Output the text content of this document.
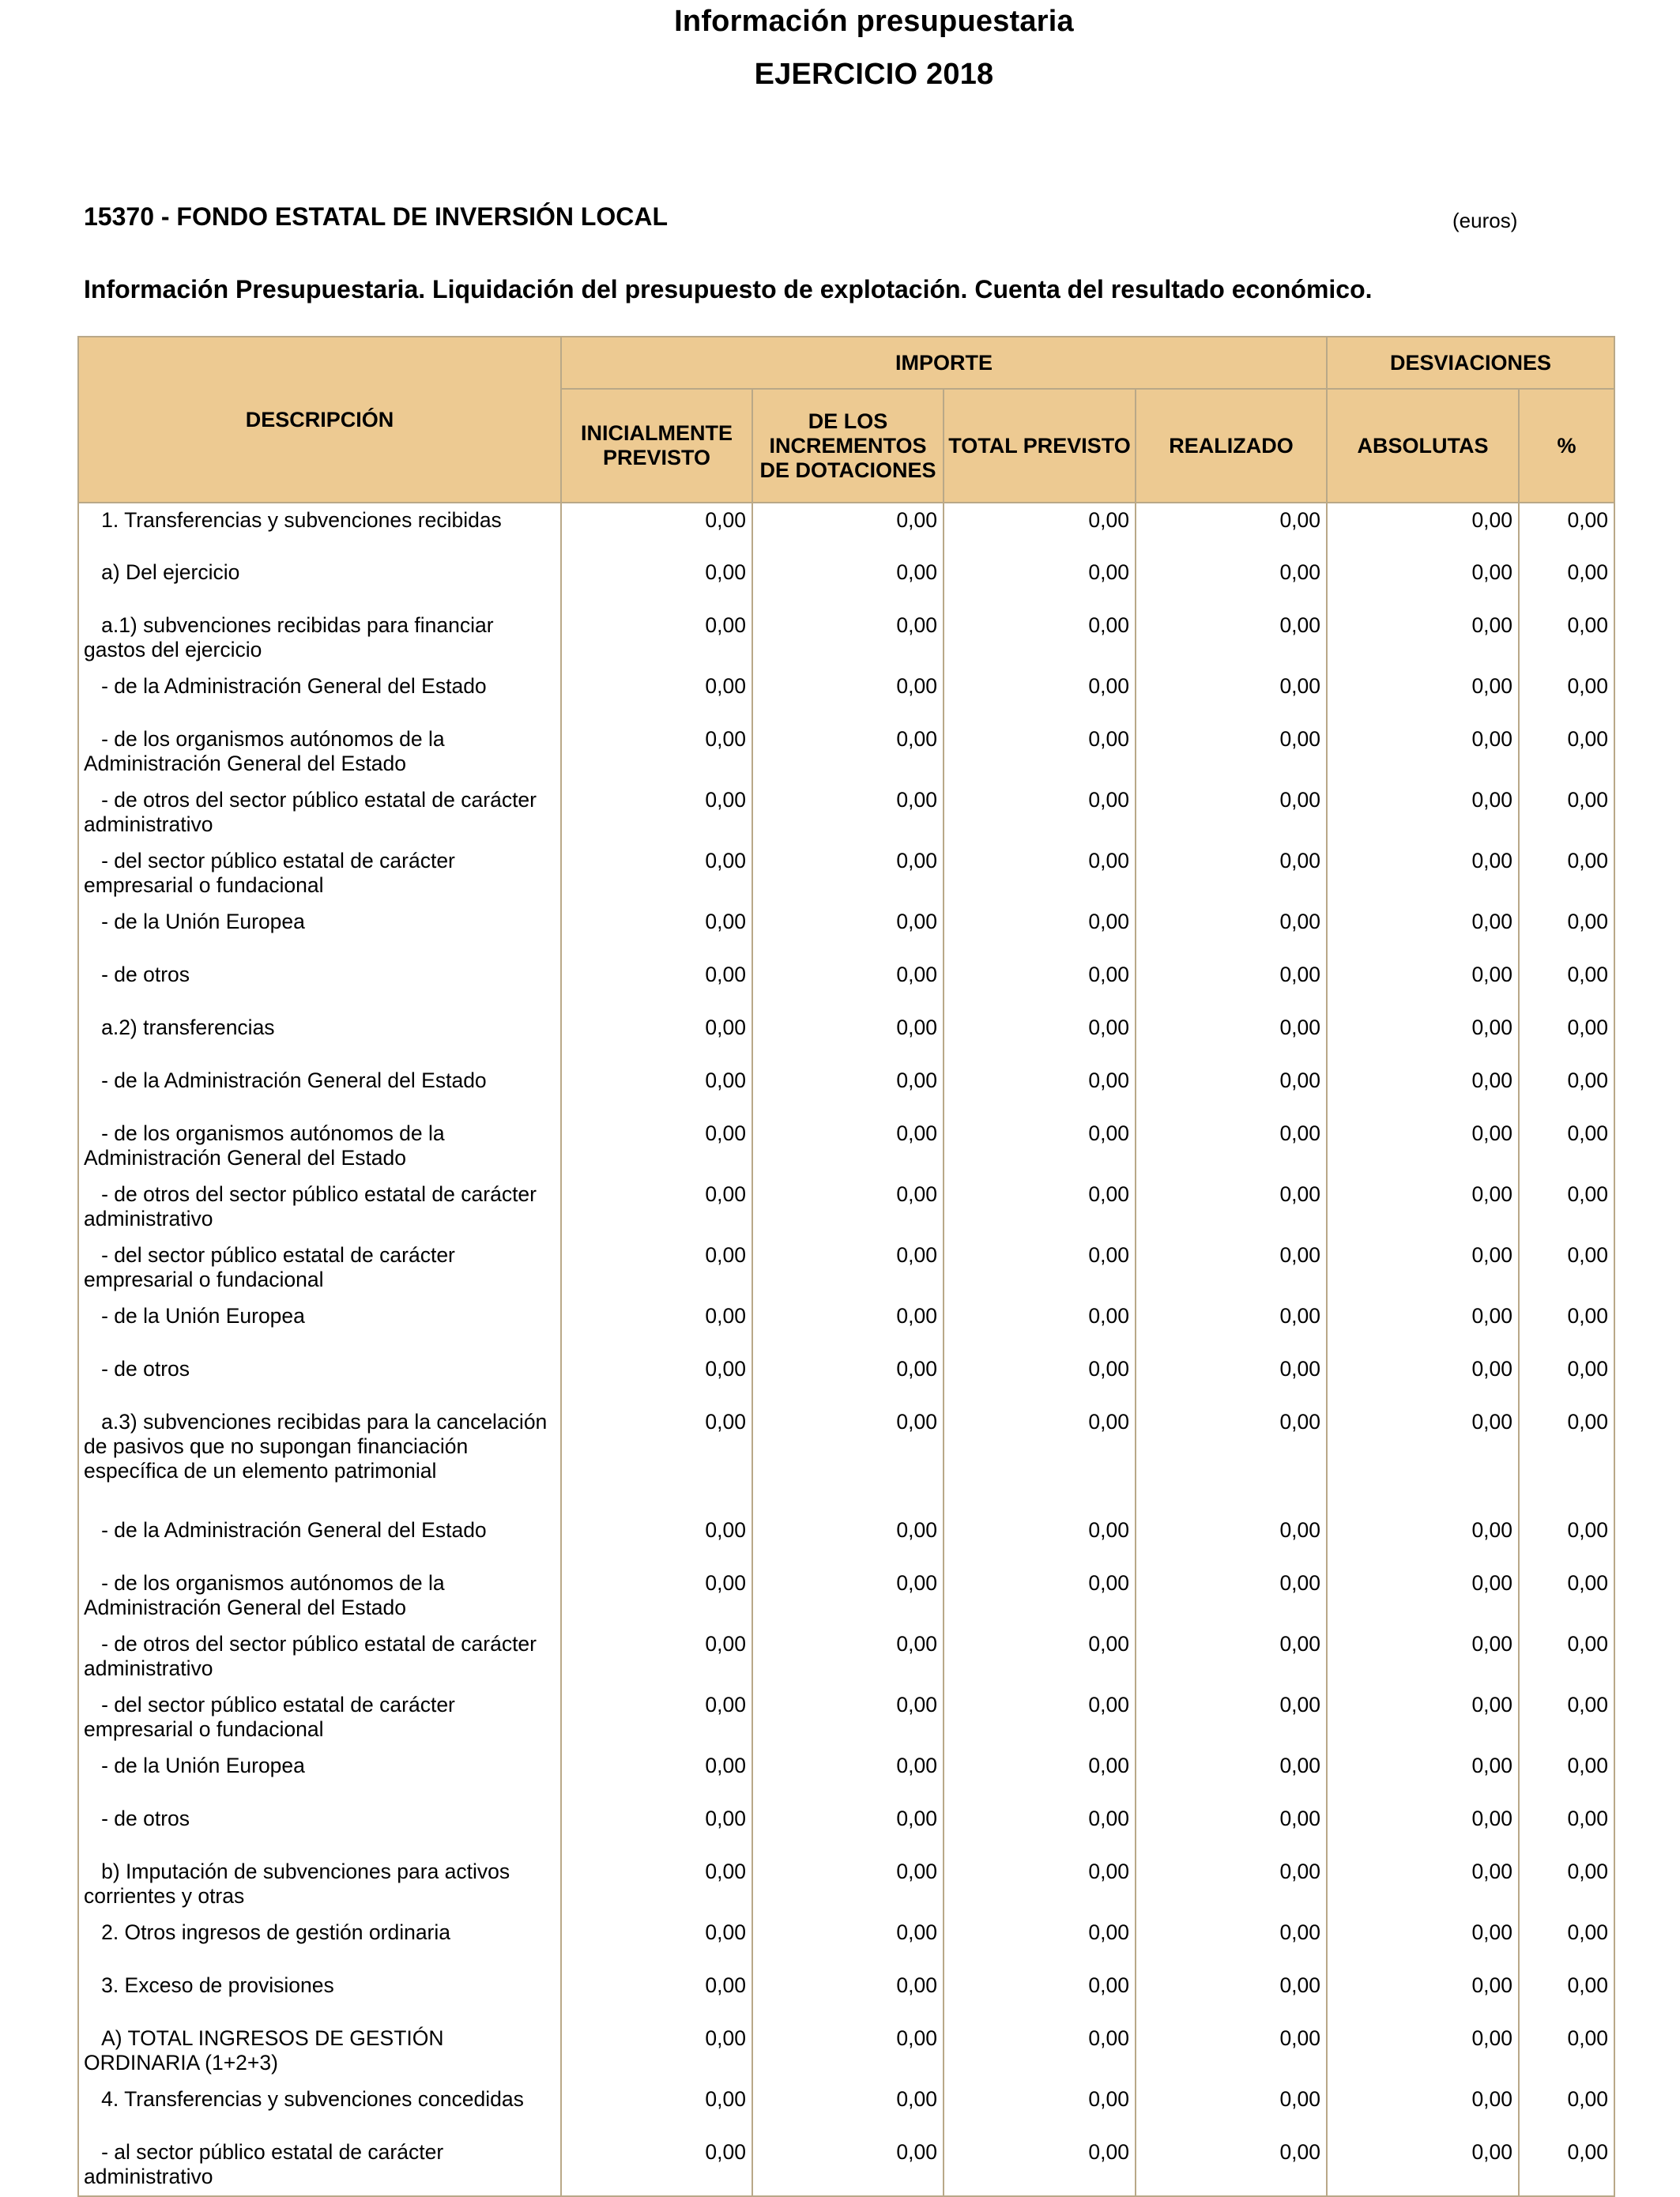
Información presupuestaria
EJERCICIO 2018
15370 - FONDO ESTATAL DE INVERSIÓN LOCAL	(euros)
Información Presupuestaria. Liquidación del presupuesto de explotación. Cuenta del resultado económico.
DESCRIPCIÓN	IMPORTE				DESVIACIONES	
	INICIALMENTE PREVISTO	DE LOS INCREMENTOS DE DOTACIONES	TOTAL PREVISTO	REALIZADO	ABSOLUTAS	%
1. Transferencias y subvenciones recibidas	0,00	0,00	0,00	0,00	0,00	0,00
a) Del ejercicio	0,00	0,00	0,00	0,00	0,00	0,00
a.1) subvenciones recibidas para financiar gastos del ejercicio	0,00	0,00	0,00	0,00	0,00	0,00
- de la Administración General del Estado	0,00	0,00	0,00	0,00	0,00	0,00
- de los organismos autónomos de la Administración General del Estado	0,00	0,00	0,00	0,00	0,00	0,00
- de otros del sector público estatal de carácter administrativo	0,00	0,00	0,00	0,00	0,00	0,00
- del sector público estatal de carácter empresarial o fundacional	0,00	0,00	0,00	0,00	0,00	0,00
- de la Unión Europea	0,00	0,00	0,00	0,00	0,00	0,00
- de otros	0,00	0,00	0,00	0,00	0,00	0,00
a.2) transferencias	0,00	0,00	0,00	0,00	0,00	0,00
- de la Administración General del Estado	0,00	0,00	0,00	0,00	0,00	0,00
- de los organismos autónomos de la Administración General del Estado	0,00	0,00	0,00	0,00	0,00	0,00
- de otros del sector público estatal de carácter administrativo	0,00	0,00	0,00	0,00	0,00	0,00
- del sector público estatal de carácter empresarial o fundacional	0,00	0,00	0,00	0,00	0,00	0,00
- de la Unión Europea	0,00	0,00	0,00	0,00	0,00	0,00
- de otros	0,00	0,00	0,00	0,00	0,00	0,00
a.3) subvenciones recibidas para la cancelación de pasivos que no supongan financiación específica de un elemento patrimonial	0,00	0,00	0,00	0,00	0,00	0,00
- de la Administración General del Estado	0,00	0,00	0,00	0,00	0,00	0,00
- de los organismos autónomos de la Administración General del Estado	0,00	0,00	0,00	0,00	0,00	0,00
- de otros del sector público estatal de carácter administrativo	0,00	0,00	0,00	0,00	0,00	0,00
- del sector público estatal de carácter empresarial o fundacional	0,00	0,00	0,00	0,00	0,00	0,00
- de la Unión Europea	0,00	0,00	0,00	0,00	0,00	0,00
- de otros	0,00	0,00	0,00	0,00	0,00	0,00
b) Imputación de subvenciones para activos corrientes y otras	0,00	0,00	0,00	0,00	0,00	0,00
2. Otros ingresos de gestión ordinaria	0,00	0,00	0,00	0,00	0,00	0,00
3. Exceso de provisiones	0,00	0,00	0,00	0,00	0,00	0,00
A) TOTAL INGRESOS DE GESTIÓN ORDINARIA (1+2+3)	0,00	0,00	0,00	0,00	0,00	0,00
4. Transferencias y subvenciones concedidas	0,00	0,00	0,00	0,00	0,00	0,00
- al sector público estatal de carácter administrativo	0,00	0,00	0,00	0,00	0,00	0,00
